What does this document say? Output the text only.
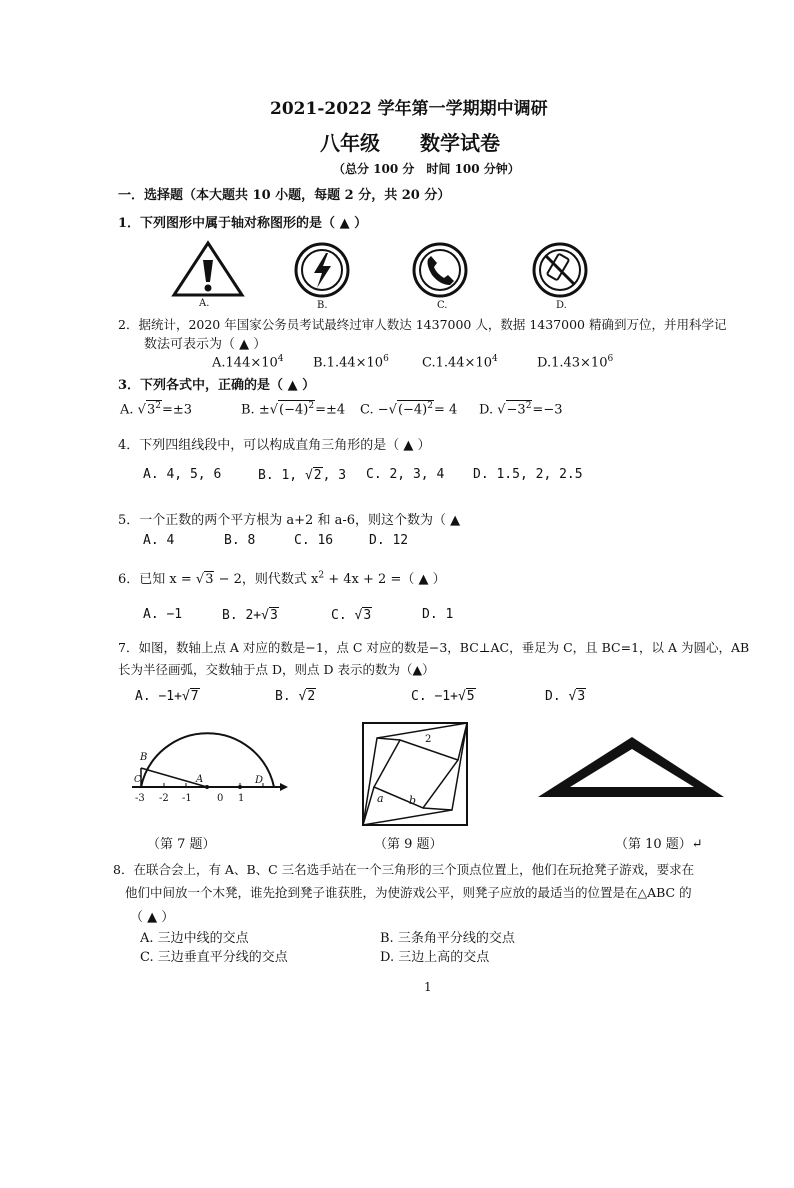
2021-2022 学年第一学期期中调研
八年级　　数学试卷
（总分 100 分　时间 100 分钟）
一．选择题（本大题共 10 小题，每题 2 分，共 20 分）
1．下列图形中属于轴对称图形的是（ ▲ ）
A.	B.	C.	D.
2．据统计，2020 年国家公务员考试最终过审人数达 1437000 人，数据 1437000 精确到万位，并用科学记
数法可表示为（ ▲ ）
$A.144\times 10^4$ $B.1.44\times 10^6$	$C.1.44\times 10^4$	$D.1.43\times 10^6$
3．下列各式中，正确的是（ ▲ ）
A. $√3^2=\pm 3$	B. $\pm√(-4)^2=\pm 4$ C. $-√(-4)^2= 4$ D. $√-3^2=-3$
4．下列四组线段中，可以构成直角三角形的是（ ▲ ）
A. 4, 5, 6	B. 1, √2, 3 C. 2, 3, 4 D. 1.5, 2, 2.5
5．一个正数的两个平方根为 a+2 和 a-6，则这个数为（ ▲
A. 4	B. 8	C. 16	D. 12
6．已知 x = √3 − 2，则代数式 $x^2 + 4x + 2$ =（ ▲ ）
A. −1	B. 2+√3	C. √3	D. 1
7．如图，数轴上点 A 对应的数是−1，点 C 对应的数是−3，BC⊥AC，垂足为 C，且 BC=1，以 A 为圆心，AB
长为半径画弧，交数轴于点 D，则点 D 表示的数为（▲）
A. −1+√7	B. √2	C. −1+√5	D. √3
B
C	A	D
-3 -2 -1	0 1
（第 7 题）
2
a b
（第 9 题）	（第 10 题）↵
8．在联合会上，有 A、B、C 三名选手站在一个三角形的三个顶点位置上，他们在玩抢凳子游戏，要求在
他们中间放一个木凳，谁先抢到凳子谁获胜，为使游戏公平，则凳子应放的最适当的位置是在△ABC 的
（ ▲ ）
A. 三边中线的交点	B. 三条角平分线的交点
C. 三边垂直平分线的交点	D. 三边上高的交点
1
